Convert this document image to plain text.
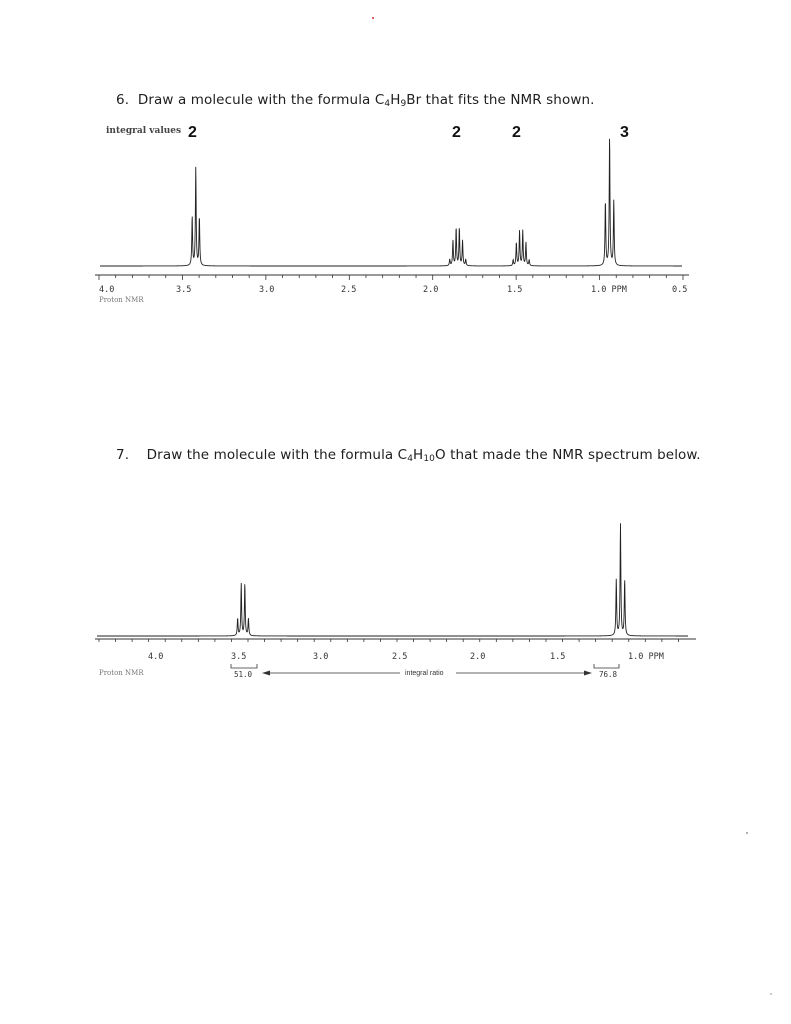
6. Draw a molecule with the formula $C_4H_9Br$ that fits the NMR shown.
integral values 2	2	2	3
4.0	3.5	3.0	2.5	2.0	1.5	1.0 PPM	0.5
Proton NMR
7. Draw the molecule with the formula $C_4H_{10}O$ that made the NMR spectrum below.
4.0	3.5	3.0	2.5	2.0	1.5	1.0 PPM
Proton NMR	51.0	76.8
integral ratio
